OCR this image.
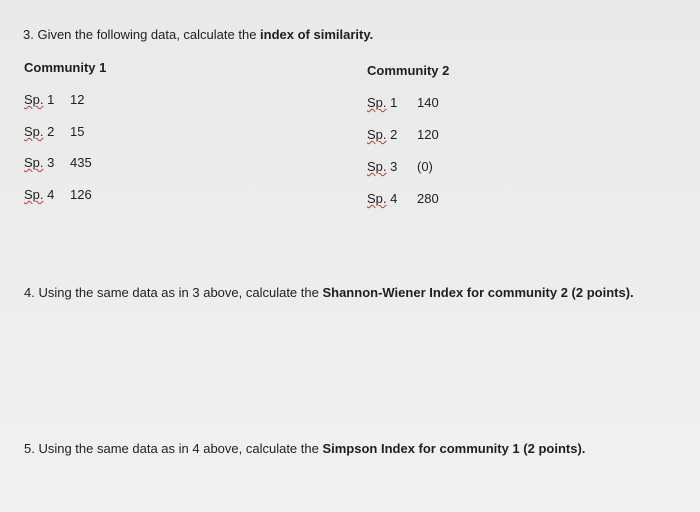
3. Given the following data, calculate the index of similarity.
Community 1	Community 2
Sp. 1 12
Sp. 2 15
Sp. 3 435
Sp. 4 126
Sp. 1 140
Sp. 2 120
Sp. 3 (0)
Sp. 4 280
4. Using the same data as in 3 above, calculate the Shannon-Wiener Index for community 2 (2 points).
5. Using the same data as in 4 above, calculate the Simpson Index for community 1 (2 points).
